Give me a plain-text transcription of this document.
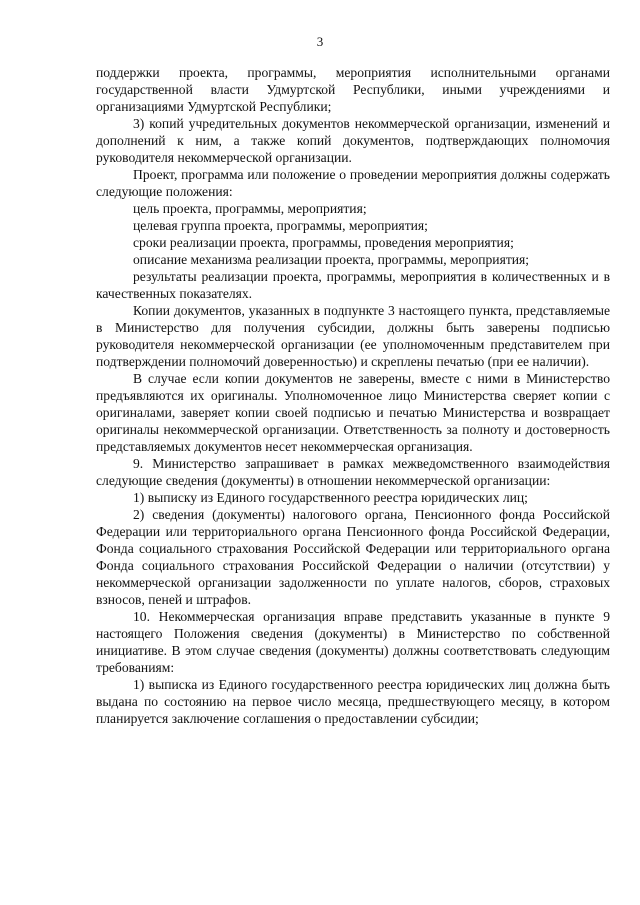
3

поддержки проекта, программы, мероприятия исполнительными органами государственной власти Удмуртской Республики, иными учреждениями и организациями Удмуртской Республики;

3) копий учредительных документов некоммерческой организации, изменений и дополнений к ним, а также копий документов, подтверждающих полномочия руководителя некоммерческой организации.

Проект, программа или положение о проведении мероприятия должны содержать следующие положения:

цель проекта, программы, мероприятия;

целевая группа проекта, программы, мероприятия;

сроки реализации проекта, программы, проведения мероприятия;

описание механизма реализации проекта, программы, мероприятия;

результаты реализации проекта, программы, мероприятия в количественных и в качественных показателях.

Копии документов, указанных в подпункте 3 настоящего пункта, представляемые в Министерство для получения субсидии, должны быть заверены подписью руководителя некоммерческой организации (ее уполномоченным представителем при подтверждении полномочий доверенностью) и скреплены печатью (при ее наличии).

В случае если копии документов не заверены, вместе с ними в Министерство предъявляются их оригиналы. Уполномоченное лицо Министерства сверяет копии с оригиналами, заверяет копии своей подписью и печатью Министерства и возвращает оригиналы некоммерческой организации. Ответственность за полноту и достоверность представляемых документов несет некоммерческая организация.

9. Министерство запрашивает в рамках межведомственного взаимодействия следующие сведения (документы) в отношении некоммерческой организации:

1) выписку из Единого государственного реестра юридических лиц;

2) сведения (документы) налогового органа, Пенсионного фонда Российской Федерации или территориального органа Пенсионного фонда Российской Федерации, Фонда социального страхования Российской Федерации или территориального органа Фонда социального страхования Российской Федерации о наличии (отсутствии) у некоммерческой организации задолженности по уплате налогов, сборов, страховых взносов, пеней и штрафов.

10. Некоммерческая организация вправе представить указанные в пункте 9 настоящего Положения сведения (документы) в Министерство по собственной инициативе. В этом случае сведения (документы) должны соответствовать следующим требованиям:

1) выписка из Единого государственного реестра юридических лиц должна быть выдана по состоянию на первое число месяца, предшествующего месяцу, в котором планируется заключение соглашения о предоставлении субсидии;
